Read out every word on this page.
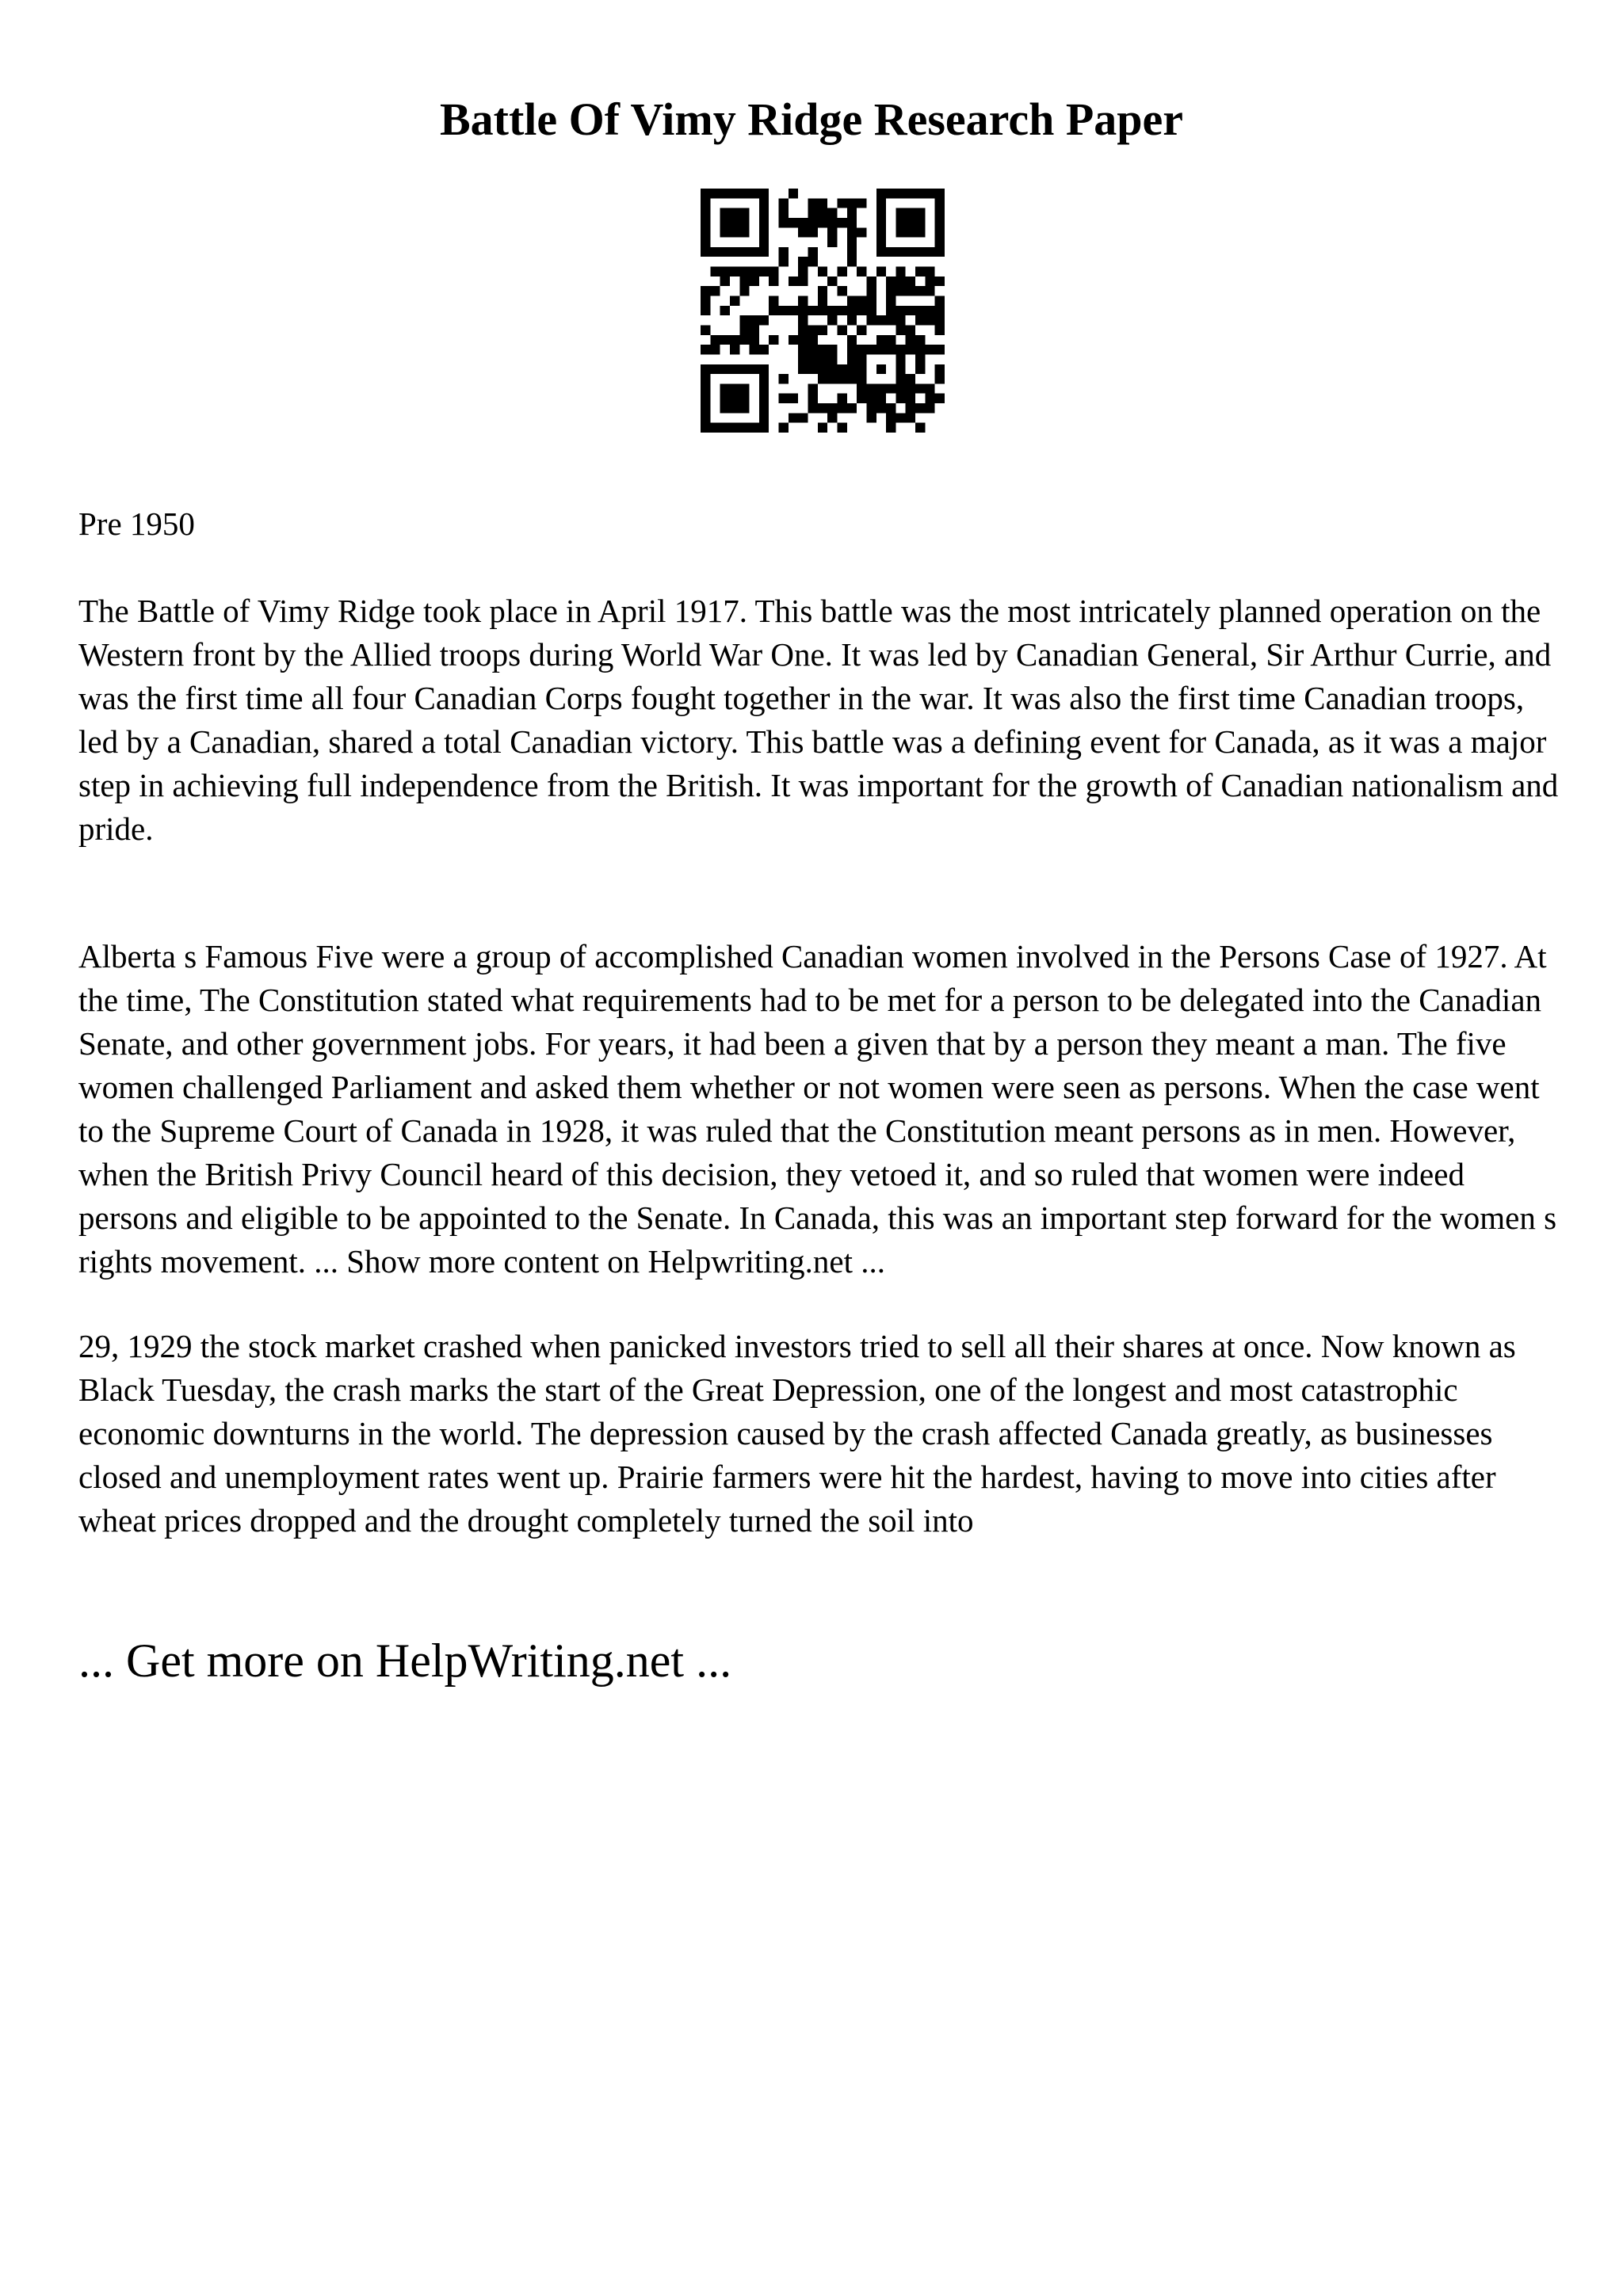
Battle Of Vimy Ridge Research Paper

Pre 1950

The Battle of Vimy Ridge took place in April 1917. This battle was the most intricately planned operation on the Western front by the Allied troops during World War One. It was led by Canadian General, Sir Arthur Currie, and was the first time all four Canadian Corps fought together in the war. It was also the first time Canadian troops, led by a Canadian, shared a total Canadian victory. This battle was a defining event for Canada, as it was a major step in achieving full independence from the British. It was important for the growth of Canadian nationalism and pride.

Alberta s Famous Five were a group of accomplished Canadian women involved in the Persons Case of 1927. At the time, The Constitution stated what requirements had to be met for a person to be delegated into the Canadian Senate, and other government jobs. For years, it had been a given that by a person they meant a man. The five women challenged Parliament and asked them whether or not women were seen as persons. When the case went to the Supreme Court of Canada in 1928, it was ruled that the Constitution meant persons as in men. However, when the British Privy Council heard of this decision, they vetoed it, and so ruled that women were indeed persons and eligible to be appointed to the Senate. In Canada, this was an important step forward for the women s rights movement. ... Show more content on Helpwriting.net ...

29, 1929 the stock market crashed when panicked investors tried to sell all their shares at once. Now known as Black Tuesday, the crash marks the start of the Great Depression, one of the longest and most catastrophic economic downturns in the world. The depression caused by the crash affected Canada greatly, as businesses closed and unemployment rates went up. Prairie farmers were hit the hardest, having to move into cities after wheat prices dropped and the drought completely turned the soil into

... Get more on HelpWriting.net ...
